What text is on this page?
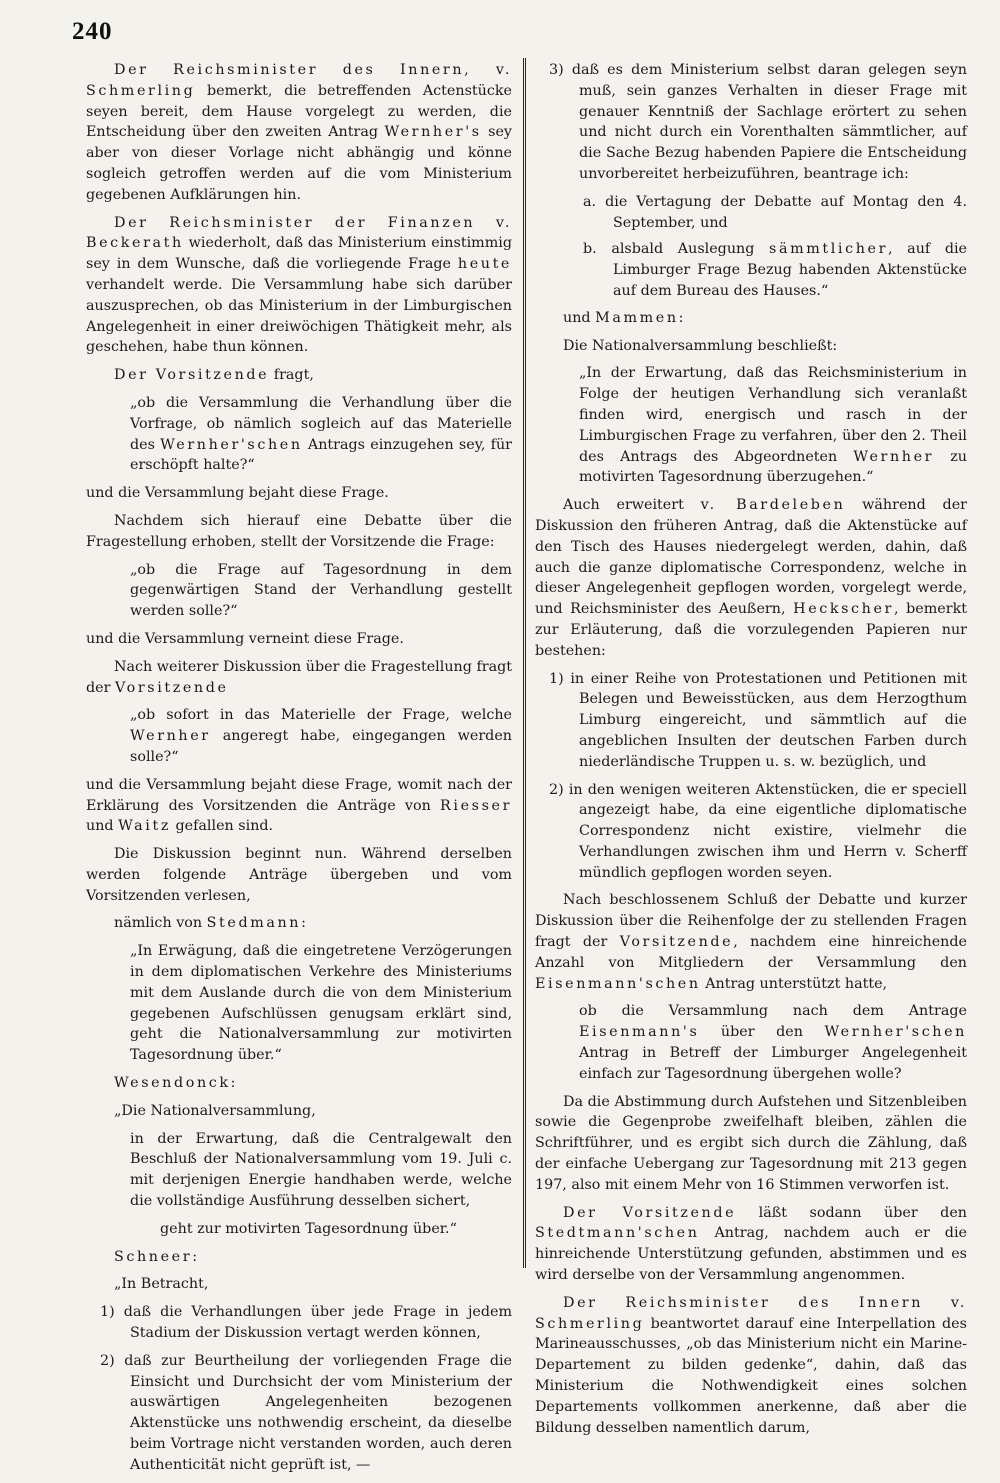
240

Der Reichsminister des Innern, v. Schmerling bemerkt, die betreffenden Actenstücke seyen bereit, dem Hause vorgelegt zu werden, die Entscheidung über den zweiten Antrag Wernher's sey aber von dieser Vorlage nicht abhängig und könne sogleich getroffen werden auf die vom Ministerium gegebenen Aufklärungen hin.

Der Reichsminister der Finanzen v. Beckerath wiederholt, daß das Ministerium einstimmig sey in dem Wunsche, daß die vorliegende Frage heute verhandelt werde. Die Versammlung habe sich darüber auszusprechen, ob das Ministerium in der Limburgischen Angelegenheit in einer dreiwöchigen Thätigkeit mehr, als geschehen, habe thun können.

Der Vorsitzende fragt,

„ob die Versammlung die Verhandlung über die Vorfrage, ob nämlich sogleich auf das Materielle des Wernher'schen Antrags einzugehen sey, für erschöpft halte?“

und die Versammlung bejaht diese Frage.

Nachdem sich hierauf eine Debatte über die Fragestellung erhoben, stellt der Vorsitzende die Frage:

„ob die Frage auf Tagesordnung in dem gegenwärtigen Stand der Verhandlung gestellt werden solle?“

und die Versammlung verneint diese Frage.

Nach weiterer Diskussion über die Fragestellung fragt der Vorsitzende

„ob sofort in das Materielle der Frage, welche Wernher angeregt habe, eingegangen werden solle?“

und die Versammlung bejaht diese Frage, womit nach der Erklärung des Vorsitzenden die Anträge von Riesser und Waitz gefallen sind.

Die Diskussion beginnt nun. Während derselben werden folgende Anträge übergeben und vom Vorsitzenden verlesen,

nämlich von Stedmann:

„In Erwägung, daß die eingetretene Verzögerungen in dem diplomatischen Verkehre des Ministeriums mit dem Auslande durch die von dem Ministerium gegebenen Aufschlüssen genugsam erklärt sind, geht die Nationalversammlung zur motivirten Tagesordnung über.“

Wesendonck:

„Die Nationalversammlung,

in der Erwartung, daß die Centralgewalt den Beschluß der Nationalversammlung vom 19. Juli c. mit derjenigen Energie handhaben werde, welche die vollständige Ausführung desselben sichert,

geht zur motivirten Tagesordnung über.“

Schneer:

„In Betracht,

1) daß die Verhandlungen über jede Frage in jedem Stadium der Diskussion vertagt werden können,

2) daß zur Beurtheilung der vorliegenden Frage die Einsicht und Durchsicht der vom Ministerium der auswärtigen Angelegenheiten bezogenen Aktenstücke uns nothwendig erscheint, da dieselbe beim Vortrage nicht verstanden worden, auch deren Authenticität nicht geprüft ist, —

3) daß es dem Ministerium selbst daran gelegen seyn muß, sein ganzes Verhalten in dieser Frage mit genauer Kenntniß der Sachlage erörtert zu sehen und nicht durch ein Vorenthalten sämmtlicher, auf die Sache Bezug habenden Papiere die Entscheidung unvorbereitet herbeizuführen, beantrage ich:

a. die Vertagung der Debatte auf Montag den 4. September, und

b. alsbald Auslegung sämmtlicher, auf die Limburger Frage Bezug habenden Aktenstücke auf dem Bureau des Hauses.“

und Mammen:

Die Nationalversammlung beschließt:

„In der Erwartung, daß das Reichsministerium in Folge der heutigen Verhandlung sich veranlaßt finden wird, energisch und rasch in der Limburgischen Frage zu verfahren, über den 2. Theil des Antrags des Abgeordneten Wernher zu motivirten Tagesordnung überzugehen.“

Auch erweitert v. Bardeleben während der Diskussion den früheren Antrag, daß die Aktenstücke auf den Tisch des Hauses niedergelegt werden, dahin, daß auch die ganze diplomatische Correspondenz, welche in dieser Angelegenheit gepflogen worden, vorgelegt werde, und Reichsminister des Aeußern, Heckscher, bemerkt zur Erläuterung, daß die vorzulegenden Papieren nur bestehen:

1) in einer Reihe von Protestationen und Petitionen mit Belegen und Beweisstücken, aus dem Herzogthum Limburg eingereicht, und sämmtlich auf die angeblichen Insulten der deutschen Farben durch niederländische Truppen u. s. w. bezüglich, und

2) in den wenigen weiteren Aktenstücken, die er speciell angezeigt habe, da eine eigentliche diplomatische Correspondenz nicht existire, vielmehr die Verhandlungen zwischen ihm und Herrn v. Scherff mündlich gepflogen worden seyen.

Nach beschlossenem Schluß der Debatte und kurzer Diskussion über die Reihenfolge der zu stellenden Fragen fragt der Vorsitzende, nachdem eine hinreichende Anzahl von Mitgliedern der Versammlung den Eisenmann'schen Antrag unterstützt hatte,

ob die Versammlung nach dem Antrage Eisenmann's über den Wernher'schen Antrag in Betreff der Limburger Angelegenheit einfach zur Tagesordnung übergehen wolle?

Da die Abstimmung durch Aufstehen und Sitzenbleiben sowie die Gegenprobe zweifelhaft bleiben, zählen die Schriftführer, und es ergibt sich durch die Zählung, daß der einfache Uebergang zur Tagesordnung mit 213 gegen 197, also mit einem Mehr von 16 Stimmen verworfen ist.

Der Vorsitzende läßt sodann über den Stedtmann'schen Antrag, nachdem auch er die hinreichende Unterstützung gefunden, abstimmen und es wird derselbe von der Versammlung angenommen.

Der Reichsminister des Innern v. Schmerling beantwortet darauf eine Interpellation des Marineausschusses, „ob das Ministerium nicht ein Marine-Departement zu bilden gedenke“, dahin, daß das Ministerium die Nothwendigkeit eines solchen Departements vollkommen anerkenne, daß aber die Bildung desselben namentlich darum,
